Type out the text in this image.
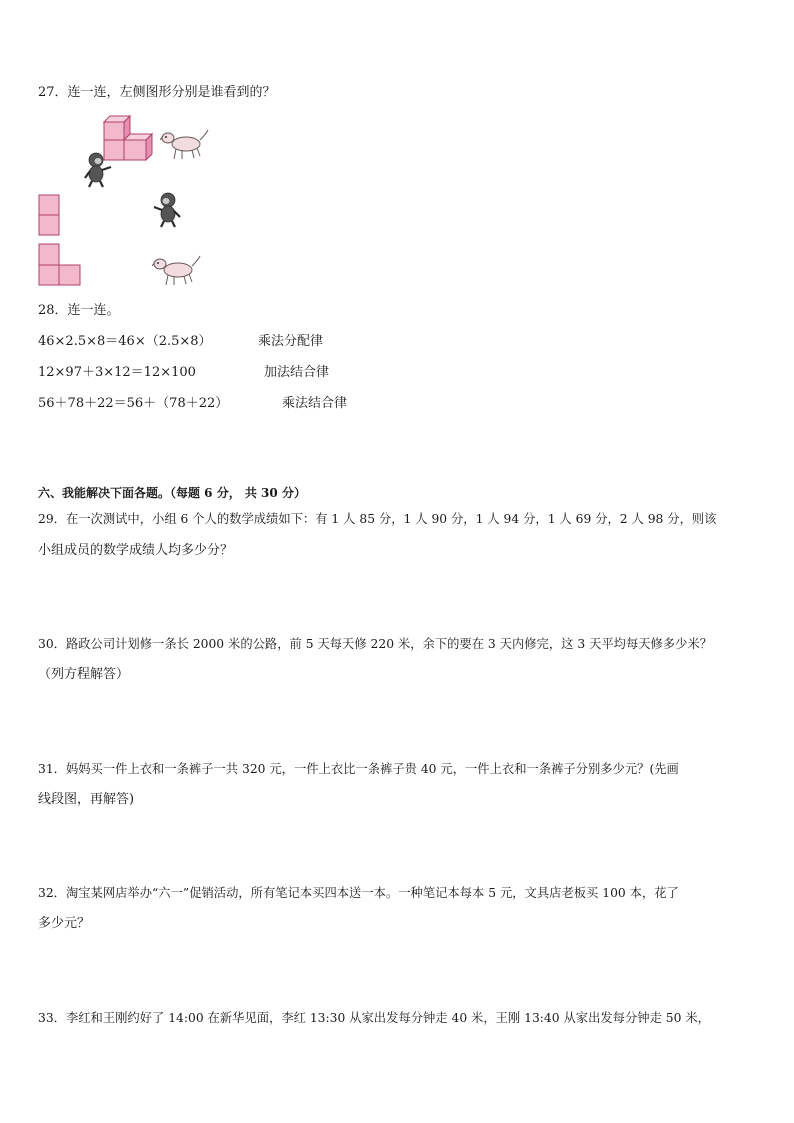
27．连一连，左侧图形分别是谁看到的？
28．连一连。
46×2.5×8＝46×（2.5×8）	乘法分配律
12×97＋3×12＝12×100	加法结合律
56＋78＋22＝56＋（78＋22）	乘法结合律
六、我能解决下面各题。（每题 6 分， 共 30 分）
29．在一次测试中，小组 6 个人的数学成绩如下：有 1 人 85 分，1 人 90 分，1 人 94 分，1 人 69 分，2 人 98 分，则该
小组成员的数学成绩人均多少分？
30．路政公司计划修一条长 2000 米的公路，前 5 天每天修 220 米，余下的要在 3 天内修完，这 3 天平均每天修多少米？
（列方程解答）
31．妈妈买一件上衣和一条裤子一共 320 元，一件上衣比一条裤子贵 40 元，一件上衣和一条裤子分别多少元？(先画
线段图，再解答)
32．淘宝某网店举办“六一”促销活动，所有笔记本买四本送一本。一种笔记本每本 5 元，文具店老板买 100 本，花了
多少元？
33．李红和王刚约好了 14:00 在新华见面，李红 13:30 从家出发每分钟走 40 米，王刚 13:40 从家出发每分钟走 50 米，
